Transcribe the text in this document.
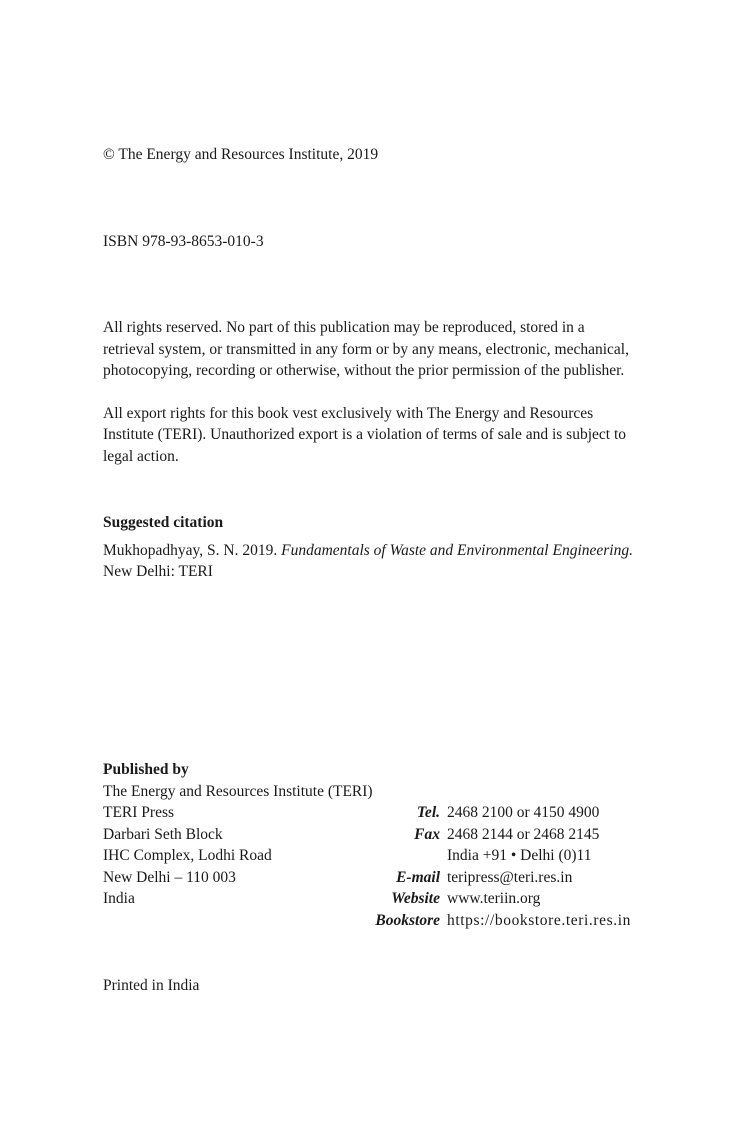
© The Energy and Resources Institute, 2019
ISBN 978-93-8653-010-3

All rights reserved. No part of this publication may be reproduced, stored in a
retrieval system, or transmitted in any form or by any means, electronic, mechanical,
photocopying, recording or otherwise, without the prior permission of the publisher.

All export rights for this book vest exclusively with The Energy and Resources
Institute (TERI). Unauthorized export is a violation of terms of sale and is subject to
legal action.

Suggested citation
Mukhopadhyay, S. N. 2019. Fundamentals of Waste and Environmental Engineering.
New Delhi: TERI
Published by
The Energy and Resources Institute (TERI)
TERI Press	Tel. 2468 2100 or 4150 4900
Darbari Seth Block	Fax 2468 2144 or 2468 2145
IHC Complex, Lodhi Road	India +91 • Delhi (0)11
New Delhi – 110 003	E-mail teripress@teri.res.in
India	Website www.teriin.org
Bookstore https://bookstore.teri.res.in
Printed in India
